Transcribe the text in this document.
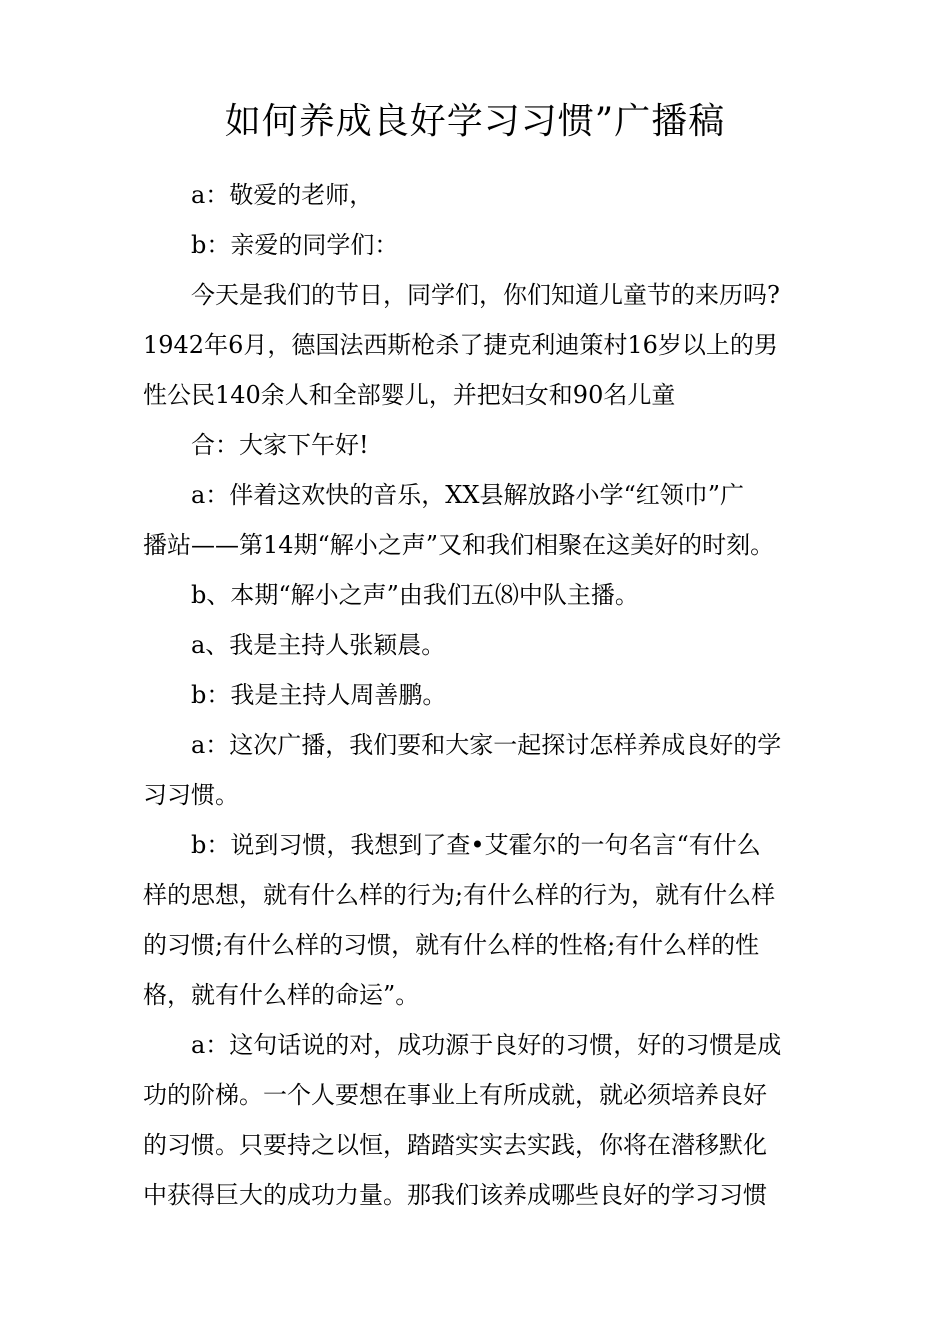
如何养成良好学习习惯”广播稿

a：敬爱的老师，

b：亲爱的同学们：

今天是我们的节日，同学们，你们知道儿童节的来历吗?
1942年6月，德国法西斯枪杀了捷克利迪策村16岁以上的男
性公民140余人和全部婴儿，并把妇女和90名儿童

合：大家下午好!

a：伴着这欢快的音乐，XX县解放路小学“红领巾”广
播站——第14期“解小之声”又和我们相聚在这美好的时刻。

b、本期“解小之声”由我们五⑻中队主播。

a、我是主持人张颖晨。

b：我是主持人周善鹏。

a：这次广播，我们要和大家一起探讨怎样养成良好的学
习习惯。

b：说到习惯，我想到了查•艾霍尔的一句名言“有什么
样的思想，就有什么样的行为;有什么样的行为，就有什么样
的习惯;有什么样的习惯，就有什么样的性格;有什么样的性
格，就有什么样的命运”。

a：这句话说的对，成功源于良好的习惯，好的习惯是成
功的阶梯。一个人要想在事业上有所成就，就必须培养良好
的习惯。只要持之以恒，踏踏实实去实践，你将在潜移默化
中获得巨大的成功力量。那我们该养成哪些良好的学习习惯
